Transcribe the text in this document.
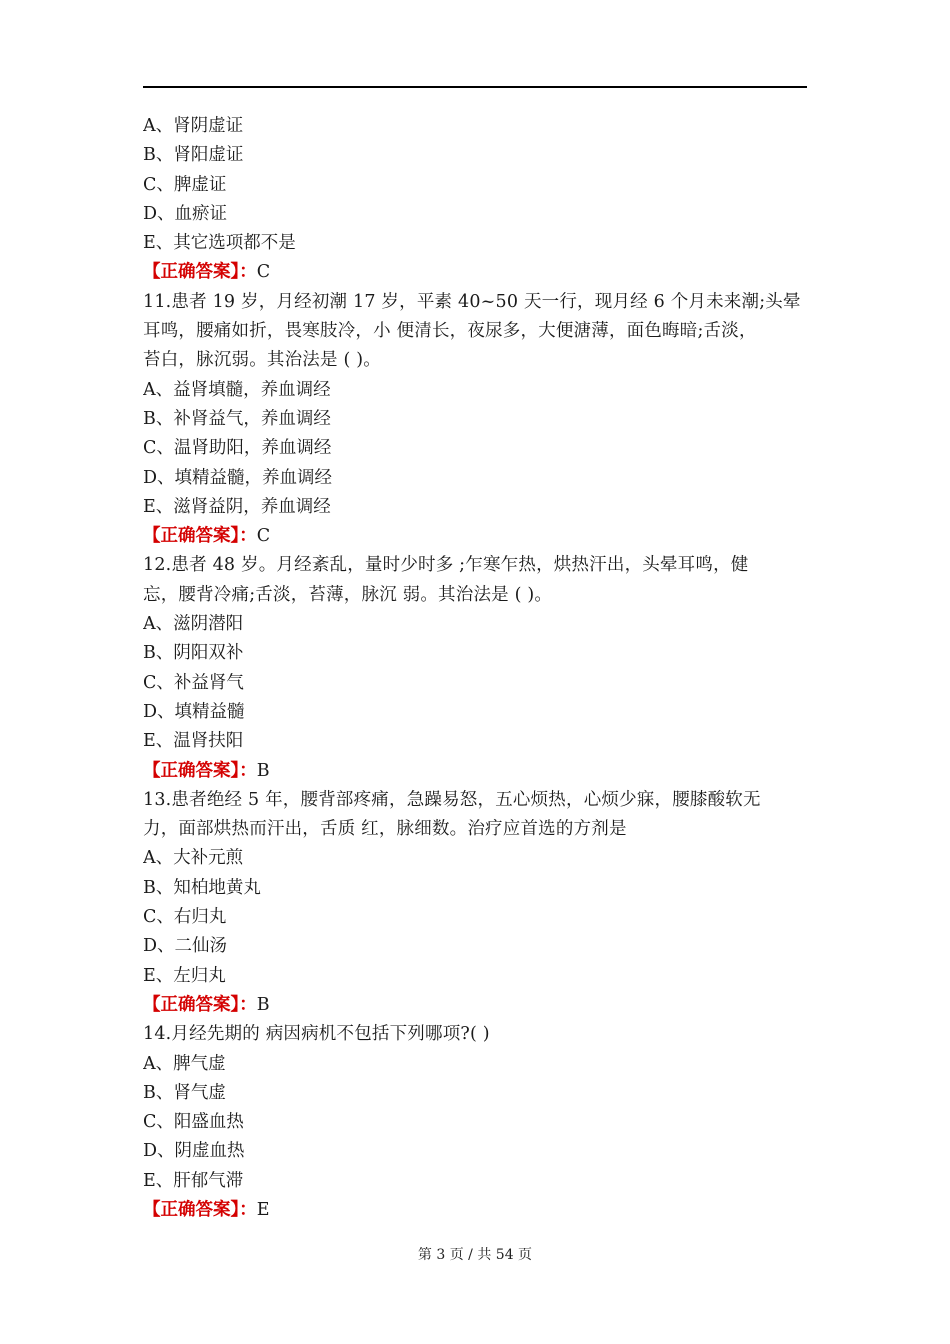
A、肾阴虚证
B、肾阳虚证
C、脾虚证
D、血瘀证
E、其它选项都不是
【正确答案】：C
11.患者 19 岁，月经初潮 17 岁，平素 40~50 天一行，现月经 6 个月未来潮;头晕
耳鸣，腰痛如折，畏寒肢冷，小 便清长，夜尿多，大便溏薄，面色晦暗;舌淡，
苔白，脉沉弱。其治法是 ( )。
A、益肾填髓，养血调经
B、补肾益气，养血调经
C、温肾助阳，养血调经
D、填精益髓，养血调经
E、滋肾益阴，养血调经
【正确答案】：C
12.患者 48 岁。月经紊乱，量时少时多 ;乍寒乍热，烘热汗出，头晕耳鸣，健
忘，腰背冷痛;舌淡，苔薄，脉沉 弱。其治法是 ( )。
A、滋阴潜阳
B、阴阳双补
C、补益肾气
D、填精益髓
E、温肾扶阳
【正确答案】：B
13.患者绝经 5 年，腰背部疼痛，急躁易怒，五心烦热，心烦少寐，腰膝酸软无
力，面部烘热而汗出，舌质 红，脉细数。治疗应首选的方剂是
A、大补元煎
B、知柏地黄丸
C、右归丸
D、二仙汤
E、左归丸
【正确答案】：B
14.月经先期的 病因病机不包括下列哪项?( )
A、脾气虚
B、肾气虚
C、阳盛血热
D、阴虚血热
E、肝郁气滞
【正确答案】：E
第 3 页 / 共 54 页
